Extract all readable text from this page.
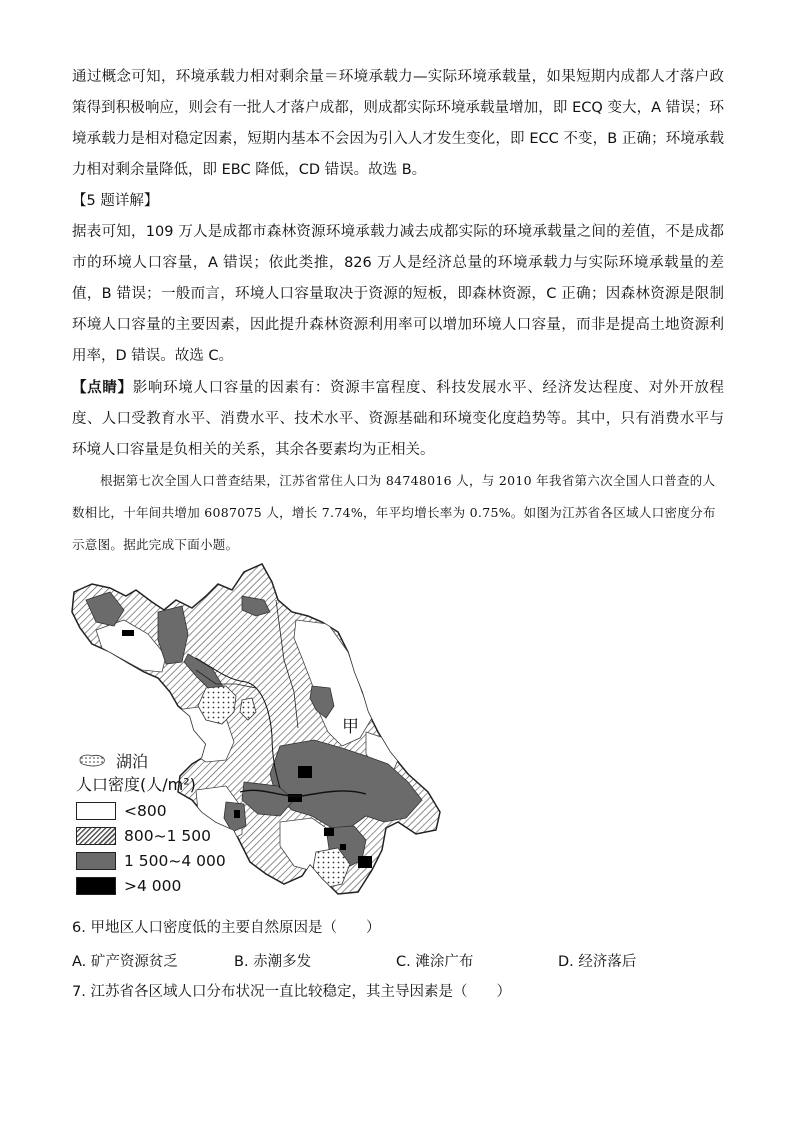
通过概念可知，环境承载力相对剩余量＝环境承载力—实际环境承载量，如果短期内成都人才落户政策得到积极响应，则会有一批人才落户成都，则成都实际环境承载量增加，即 ECQ 变大，A 错误；环境承载力是相对稳定因素，短期内基本不会因为引入人才发生变化，即 ECC 不变，B 正确；环境承载力相对剩余量降低，即 EBC 降低，CD 错误。故选 B。

【5 题详解】

据表可知，109 万人是成都市森林资源环境承载力减去成都实际的环境承载量之间的差值，不是成都市的环境人口容量，A 错误；依此类推，826 万人是经济总量的环境承载力与实际环境承载量的差值，B 错误；一般而言，环境人口容量取决于资源的短板，即森林资源，C 正确；因森林资源是限制环境人口容量的主要因素，因此提升森林资源利用率可以增加环境人口容量，而非是提高土地资源利用率，D 错误。故选 C。

【点睛】影响环境人口容量的因素有：资源丰富程度、科技发展水平、经济发达程度、对外开放程度、人口受教育水平、消费水平、技术水平、资源基础和环境变化度趋势等。其中，只有消费水平与环境人口容量是负相关的关系，其余各要素均为正相关。

根据第七次全国人口普查结果，江苏省常住人口为 84748016 人，与 2010 年我省第六次全国人口普查的人数相比，十年间共增加 6087075 人，增长 7.74%，年平均增长率为 0.75%。如图为江苏省各区域人口密度分布示意图。据此完成下面小题。

甲
湖泊
人口密度(人/m²)
<800
800~1 500
1 500~4 000
>4 000

6. 甲地区人口密度低的主要自然原因是（　　）

A. 矿产资源贫乏	B. 赤潮多发	C. 滩涂广布	D. 经济落后

7. 江苏省各区域人口分布状况一直比较稳定，其主导因素是（　　）
